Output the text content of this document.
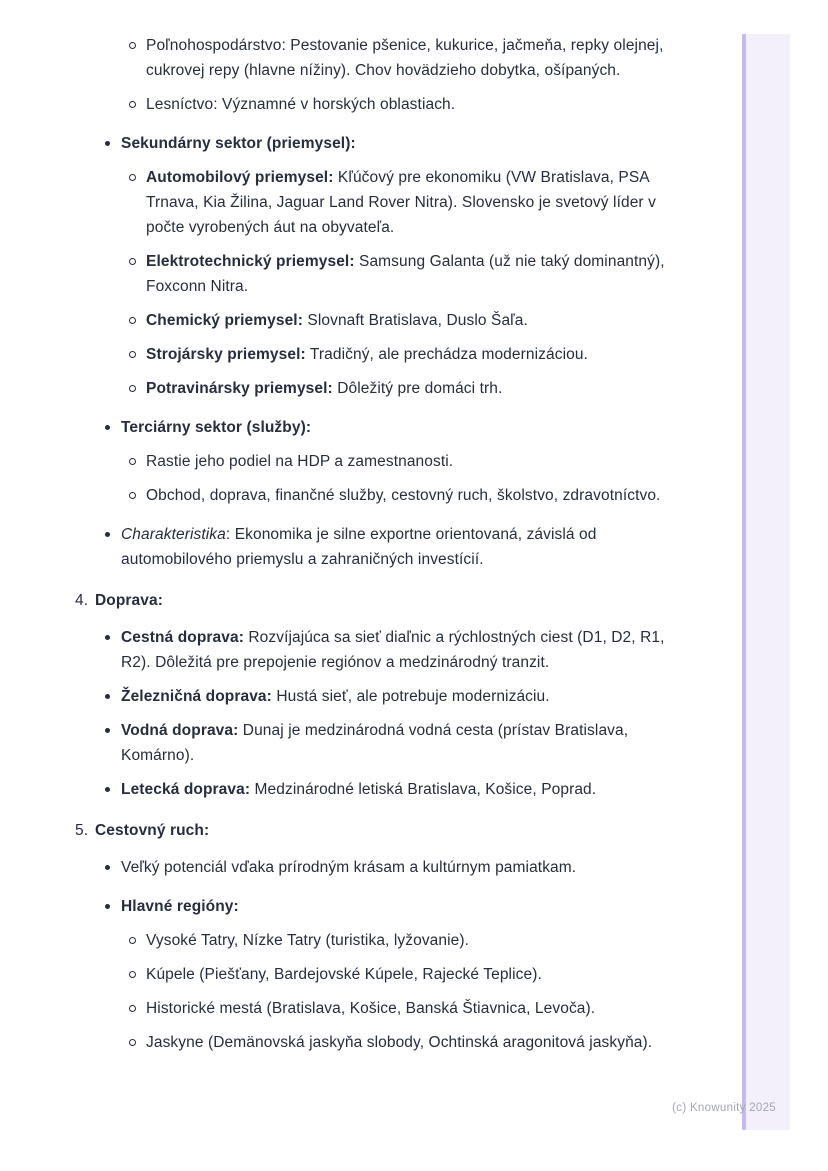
Poľnohospodárstvo: Pestovanie pšenice, kukurice, jačmeňa, repky olejnej, cukrovej repy (hlavne nížiny). Chov hovädzieho dobytka, ošípaných.

Lesníctvo: Významné v horských oblastiach.

Sekundárny sektor (priemysel):

Automobilový priemysel: Kľúčový pre ekonomiku (VW Bratislava, PSA Trnava, Kia Žilina, Jaguar Land Rover Nitra). Slovensko je svetový líder v počte vyrobených áut na obyvateľa.

Elektrotechnický priemysel: Samsung Galanta (už nie taký dominantný), Foxconn Nitra.

Chemický priemysel: Slovnaft Bratislava, Duslo Šaľa.

Strojársky priemysel: Tradičný, ale prechádza modernizáciou.

Potravinársky priemysel: Dôležitý pre domáci trh.

Terciárny sektor (služby):

Rastie jeho podiel na HDP a zamestnanosti.

Obchod, doprava, finančné služby, cestovný ruch, školstvo, zdravotníctvo.

Charakteristika: Ekonomika je silne exportne orientovaná, závislá od automobilového priemyslu a zahraničných investícií.

4. Doprava:

Cestná doprava: Rozvíjajúca sa sieť diaľnic a rýchlostných ciest (D1, D2, R1, R2). Dôležitá pre prepojenie regiónov a medzinárodný tranzit.

Železničná doprava: Hustá sieť, ale potrebuje modernizáciu.

Vodná doprava: Dunaj je medzinárodná vodná cesta (prístav Bratislava, Komárno).

Letecká doprava: Medzinárodné letiská Bratislava, Košice, Poprad.

5. Cestovný ruch:

Veľký potenciál vďaka prírodným krásam a kultúrnym pamiatkam.

Hlavné regióny:

Vysoké Tatry, Nízke Tatry (turistika, lyžovanie).

Kúpele (Piešťany, Bardejovské Kúpele, Rajecké Teplice).

Historické mestá (Bratislava, Košice, Banská Štiavnica, Levoča).

Jaskyne (Demänovská jaskyňa slobody, Ochtinská aragonitová jaskyňa).

(c) Knowunity 2025
